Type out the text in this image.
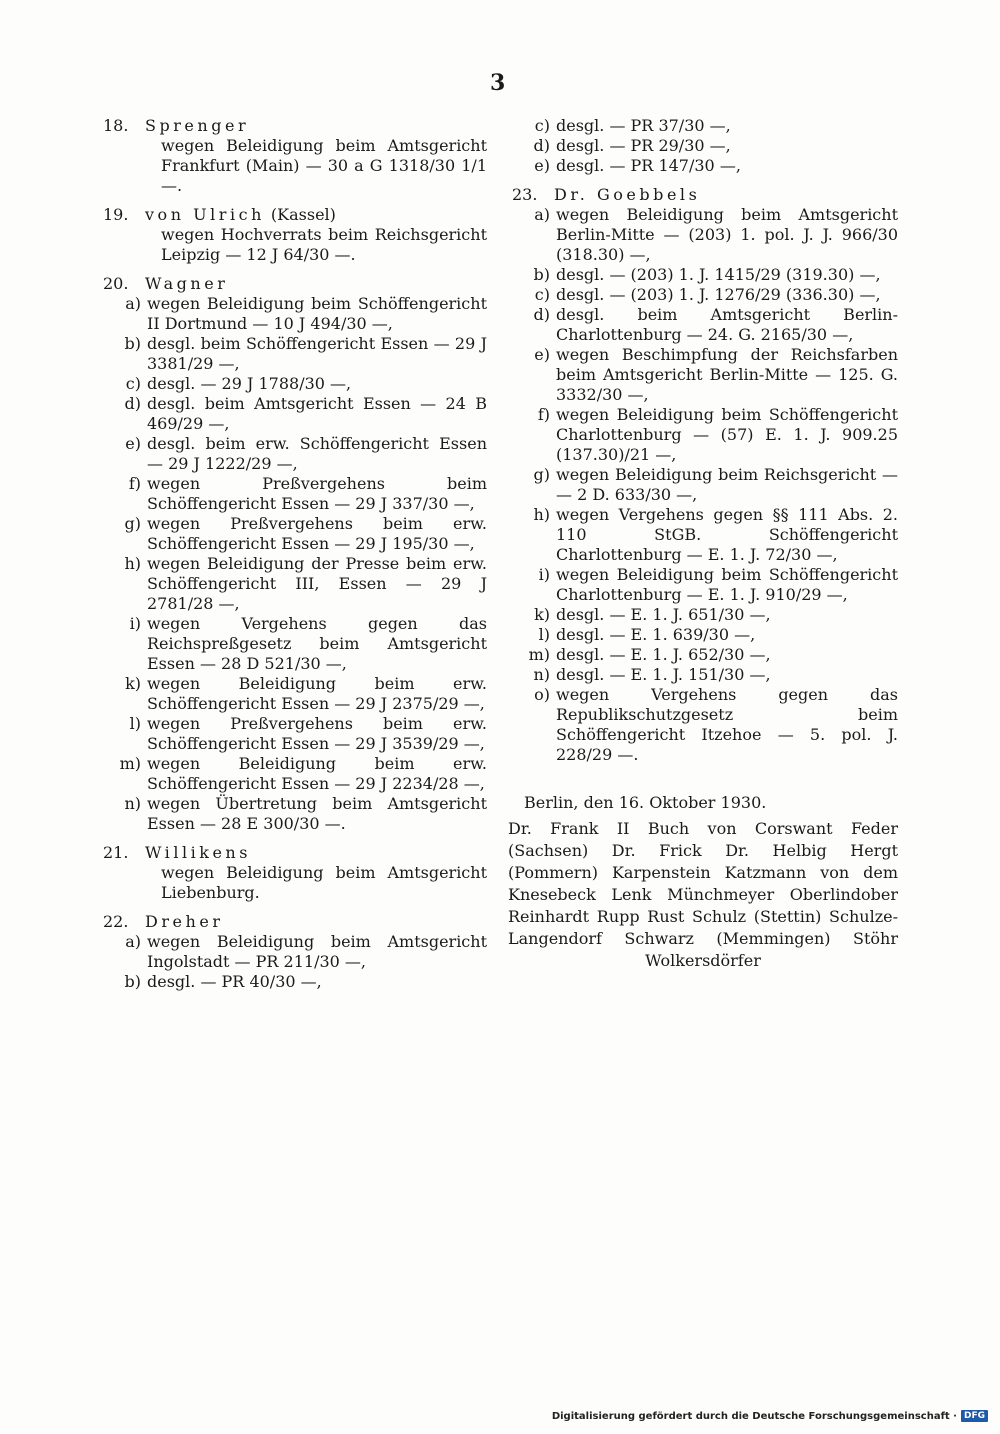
3
18.	Sprenger
wegen Beleidigung beim Amtsgericht Frankfurt (Main) — 30 a G 1318/30 1/1 —.
19.	von Ulrich (Kassel)
wegen Hochverrats beim Reichsgericht Leipzig — 12 J 64/30 —.
20.	Wagner
a) wegen Beleidigung beim Schöffengericht II Dortmund — 10 J 494/30 —,
b) desgl. beim Schöffengericht Essen — 29 J 3381/29 —,
c) desgl. — 29 J 1788/30 —,
d) desgl. beim Amtsgericht Essen — 24 B 469/29 —,
e) desgl. beim erw. Schöffengericht Essen — 29 J 1222/29 —,
f) wegen Preßvergehens beim Schöffengericht Essen — 29 J 337/30 —,
g) wegen Preßvergehens beim erw. Schöffengericht Essen — 29 J 195/30 —,
h) wegen Beleidigung der Presse beim erw. Schöffengericht III, Essen — 29 J 2781/28 —,
i) wegen Vergehens gegen das Reichspreßgesetz beim Amtsgericht Essen — 28 D 521/30 —,
k) wegen Beleidigung beim erw. Schöffengericht Essen — 29 J 2375/29 —,
l) wegen Preßvergehens beim erw. Schöffengericht Essen — 29 J 3539/29 —,
m) wegen Beleidigung beim erw. Schöffengericht Essen — 29 J 2234/28 —,
n) wegen Übertretung beim Amtsgericht Essen — 28 E 300/30 —.
21.	Willikens
wegen Beleidigung beim Amtsgericht Liebenburg.
22.	Dreher
a) wegen Beleidigung beim Amtsgericht Ingolstadt — PR 211/30 —,
b) desgl. — PR 40/30 —,
c) desgl. — PR 37/30 —,
d) desgl. — PR 29/30 —,
e) desgl. — PR 147/30 —,
23.	Dr. Goebbels
a) wegen Beleidigung beim Amtsgericht Berlin-Mitte — (203) 1. pol. J. J. 966/30 (318.30) —,
b) desgl. — (203) 1. J. 1415/29 (319.30) —,
c) desgl. — (203) 1. J. 1276/29 (336.30) —,
d) desgl. beim Amtsgericht Berlin-Charlottenburg — 24. G. 2165/30 —,
e) wegen Beschimpfung der Reichsfarben beim Amtsgericht Berlin-Mitte — 125. G. 3332/30 —,
f) wegen Beleidigung beim Schöffengericht Charlottenburg — (57) E. 1. J. 909.25 (137.30)/21 —,
g) wegen Beleidigung beim Reichsgericht — — 2 D. 633/30 —,
h) wegen Vergehens gegen §§ 111 Abs. 2. 110 StGB. Schöffengericht Charlottenburg — E. 1. J. 72/30 —,
i) wegen Beleidigung beim Schöffengericht Charlottenburg — E. 1. J. 910/29 —,
k) desgl. — E. 1. J. 651/30 —,
l) desgl. — E. 1. 639/30 —,
m) desgl. — E. 1. J. 652/30 —,
n) desgl. — E. 1. J. 151/30 —,
o) wegen Vergehens gegen das Republikschutzgesetz beim Schöffengericht Itzehoe — 5. pol. J. 228/29 —.
Berlin, den 16. Oktober 1930.
Dr. Frank II Buch von Corswant Feder (Sachsen) Dr. Frick Dr. Helbig Hergt (Pommern) Karpenstein Katzmann von dem Knesebeck Lenk Münchmeyer Oberlindober Reinhardt Rupp Rust Schulz (Stettin) Schulze-Langendorf Schwarz (Memmingen) Stöhr Wolkersdörfer
Digitalisierung gefördert durch die Deutsche Forschungsgemeinschaft · DFG
